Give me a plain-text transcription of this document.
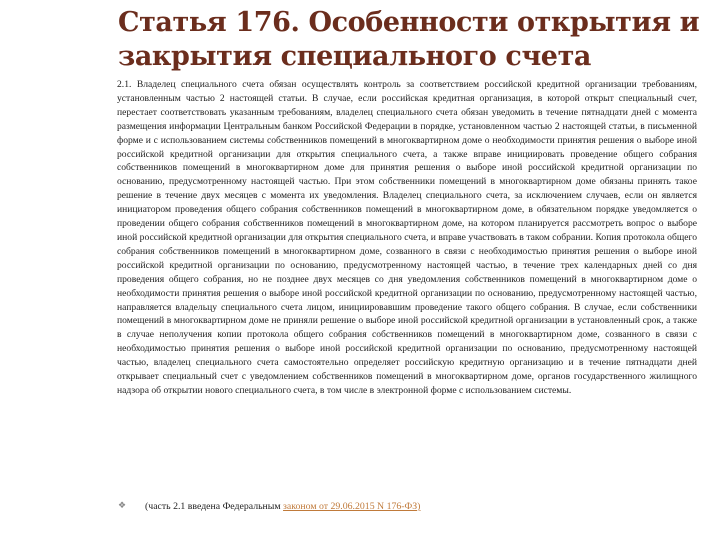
Статья 176. Особенности открытия и закрытия специального счета

2.1. Владелец специального счета обязан осуществлять контроль за соответствием российской кредитной организации требованиям, установленным частью 2 настоящей статьи. В случае, если российская кредитная организация, в которой открыт специальный счет, перестает соответствовать указанным требованиям, владелец специального счета обязан уведомить в течение пятнадцати дней с момента размещения информации Центральным банком Российской Федерации в порядке, установленном частью 2 настоящей статьи, в письменной форме и с использованием системы собственников помещений в многоквартирном доме о необходимости принятия решения о выборе иной российской кредитной организации для открытия специального счета, а также вправе инициировать проведение общего собрания собственников помещений в многоквартирном доме для принятия решения о выборе иной российской кредитной организации по основанию, предусмотренному настоящей частью. При этом собственники помещений в многоквартирном доме обязаны принять такое решение в течение двух месяцев с момента их уведомления. Владелец специального счета, за исключением случаев, если он является инициатором проведения общего собрания собственников помещений в многоквартирном доме, в обязательном порядке уведомляется о проведении общего собрания собственников помещений в многоквартирном доме, на котором планируется рассмотреть вопрос о выборе иной российской кредитной организации для открытия специального счета, и вправе участвовать в таком собрании. Копия протокола общего собрания собственников помещений в многоквартирном доме, созванного в связи с необходимостью принятия решения о выборе иной российской кредитной организации по основанию, предусмотренному настоящей частью, в течение трех календарных дней со дня проведения общего собрания, но не позднее двух месяцев со дня уведомления собственников помещений в многоквартирном доме о необходимости принятия решения о выборе иной российской кредитной организации по основанию, предусмотренному настоящей частью, направляется владельцу специального счета лицом, инициировавшим проведение такого общего собрания. В случае, если собственники помещений в многоквартирном доме не приняли решение о выборе иной российской кредитной организации в установленный срок, а также в случае неполучения копии протокола общего собрания собственников помещений в многоквартирном доме, созванного в связи с необходимостью принятия решения о выборе иной российской кредитной организации по основанию, предусмотренному настоящей частью, владелец специального счета самостоятельно определяет российскую кредитную организацию и в течение пятнадцати дней открывает специальный счет с уведомлением собственников помещений в многоквартирном доме, органов государственного жилищного надзора об открытии нового специального счета, в том числе в электронной форме с использованием системы.

❖ (часть 2.1 введена Федеральным законом от 29.06.2015 N 176-ФЗ)
